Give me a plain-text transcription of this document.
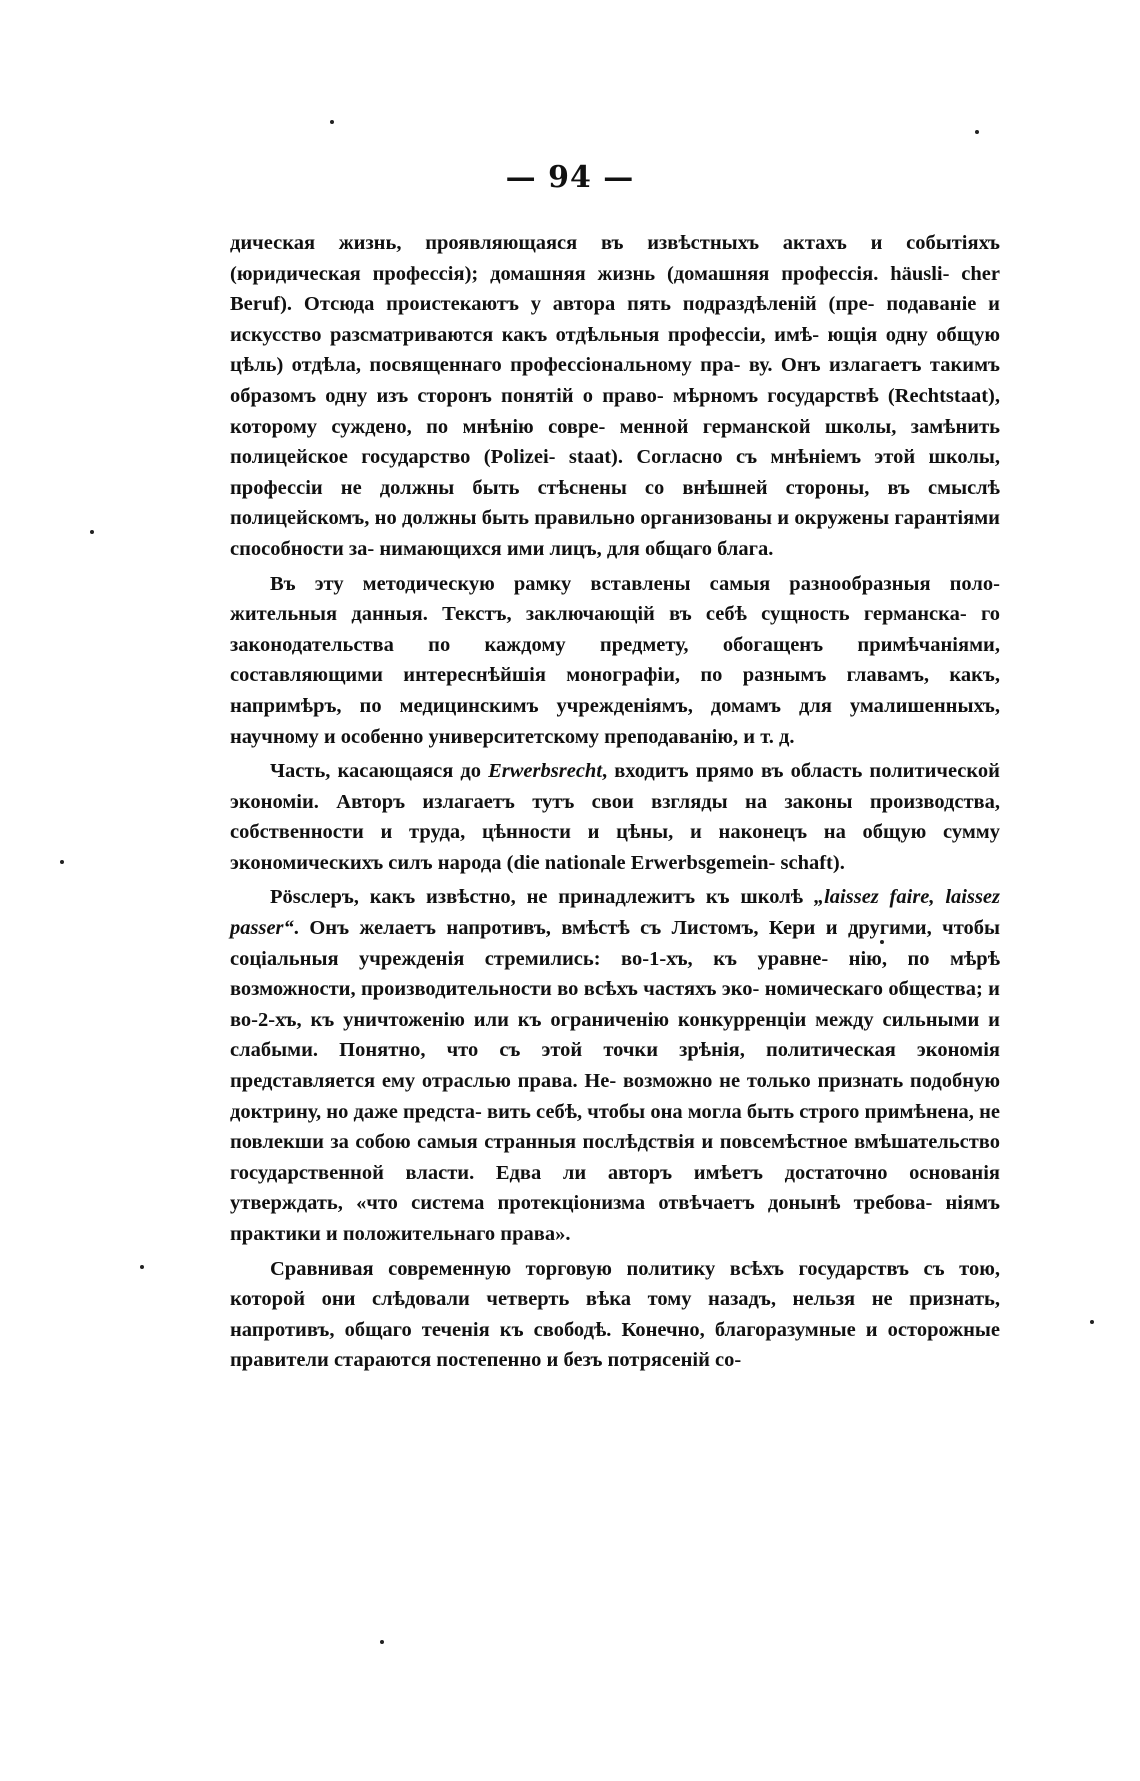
— 94 —

дическая жизнь, проявляющаяся въ извѣстныхъ актахъ и событіяхъ (юридическая профессія); домашняя жизнь (домашняя профессія. häusli- cher Beruf). Отсюда проистекаютъ у автора пять подраздѣленій (пре- подаваніе и искусство разсматриваются какъ отдѣльныя профессіи, имѣ- ющія одну общую цѣль) отдѣла, посвященнаго профессіональному пра- ву. Онъ излагаетъ такимъ образомъ одну изъ сторонъ понятій о право- мѣрномъ государствѣ (Rechtstaat), которому суждено, по мнѣнію совре- менной германской школы, замѣнить полицейское государство (Polizei- staat). Согласно съ мнѣніемъ этой школы, профессіи не должны быть стѣснены со внѣшней стороны, въ смыслѣ полицейскомъ, но должны быть правильно организованы и окружены гарантіями способности за- нимающихся ими лицъ, для общаго блага.

Въ эту методическую рамку вставлены самыя разнообразныя поло- жительныя данныя. Текстъ, заключающій въ себѣ сущность германска- го законодательства по каждому предмету, обогащенъ примѣчаніями, составляющими интереснѣйшія монографіи, по разнымъ главамъ, какъ, напримѣръ, по медицинскимъ учрежденіямъ, домамъ для умалишенныхъ, научному и особенно университетскому преподаванію, и т. д.

Часть, касающаяся до Erwerbsrecht, входитъ прямо въ область политической экономіи. Авторъ излагаетъ тутъ свои взгляды на законы производства, собственности и труда, цѣнности и цѣны, и наконецъ на общую сумму экономическихъ силъ народа (die nationale Erwerbsgemein- schaft).

Рösслеръ, какъ извѣстно, не принадлежитъ къ школѣ „laissez faire, laissez passer“. Онъ желаетъ напротивъ, вмѣстѣ съ Листомъ, Кери и другими, чтобы соціальныя учрежденія стремились: во-1-хъ, къ уравне- нію, по мѣрѣ возможности, производительности во всѣхъ частяхъ эко- номическаго общества; и во-2-хъ, къ уничтоженію или къ ограниченію конкурренціи между сильными и слабыми. Понятно, что съ этой точки зрѣнія, политическая экономія представляется ему отраслью права. Не- возможно не только признать подобную доктрину, но даже предста- вить себѣ, чтобы она могла быть строго примѣнена, не повлекши за собою самыя странныя послѣдствія и повсемѣстное вмѣшательство государственной власти. Едва ли авторъ имѣетъ достаточно основанія утверждать, «что система протекціонизма отвѣчаетъ донынѣ требова- ніямъ практики и положительнаго права».

Сравнивая современную торговую политику всѣхъ государствъ съ тою, которой они слѣдовали четверть вѣка тому назадъ, нельзя не признать, напротивъ, общаго теченія къ свободѣ. Конечно, благоразумные и осторожные правители стараются постепенно и безъ потрясеній со-
